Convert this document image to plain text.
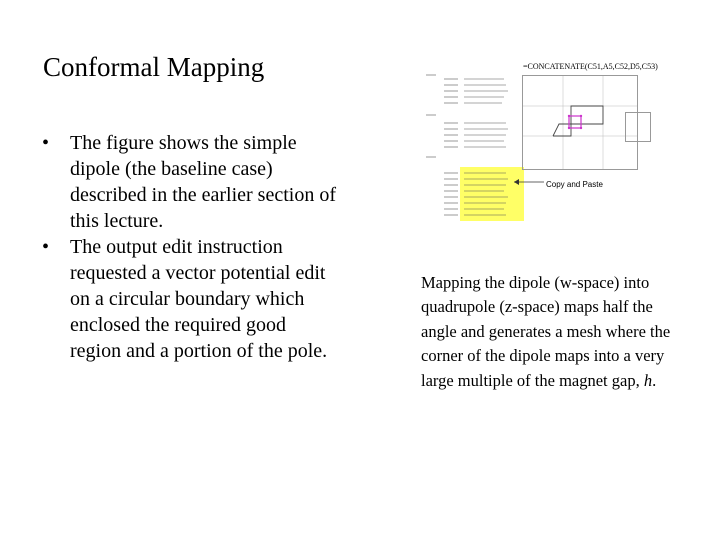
Conformal Mapping
• The figure shows the simple dipole (the baseline case) described in the earlier section of this lecture.
• The output edit instruction requested a vector potential edit on a circular boundary which enclosed the required good region and a portion of the pole.
=CONCATENATE(C51,A5,C52,D5,C53)
Copy and Paste
Mapping the dipole (w-space) into quadrupole (z-space) maps half the angle and generates a mesh where the corner of the dipole maps into a very large multiple of the magnet gap, h.
